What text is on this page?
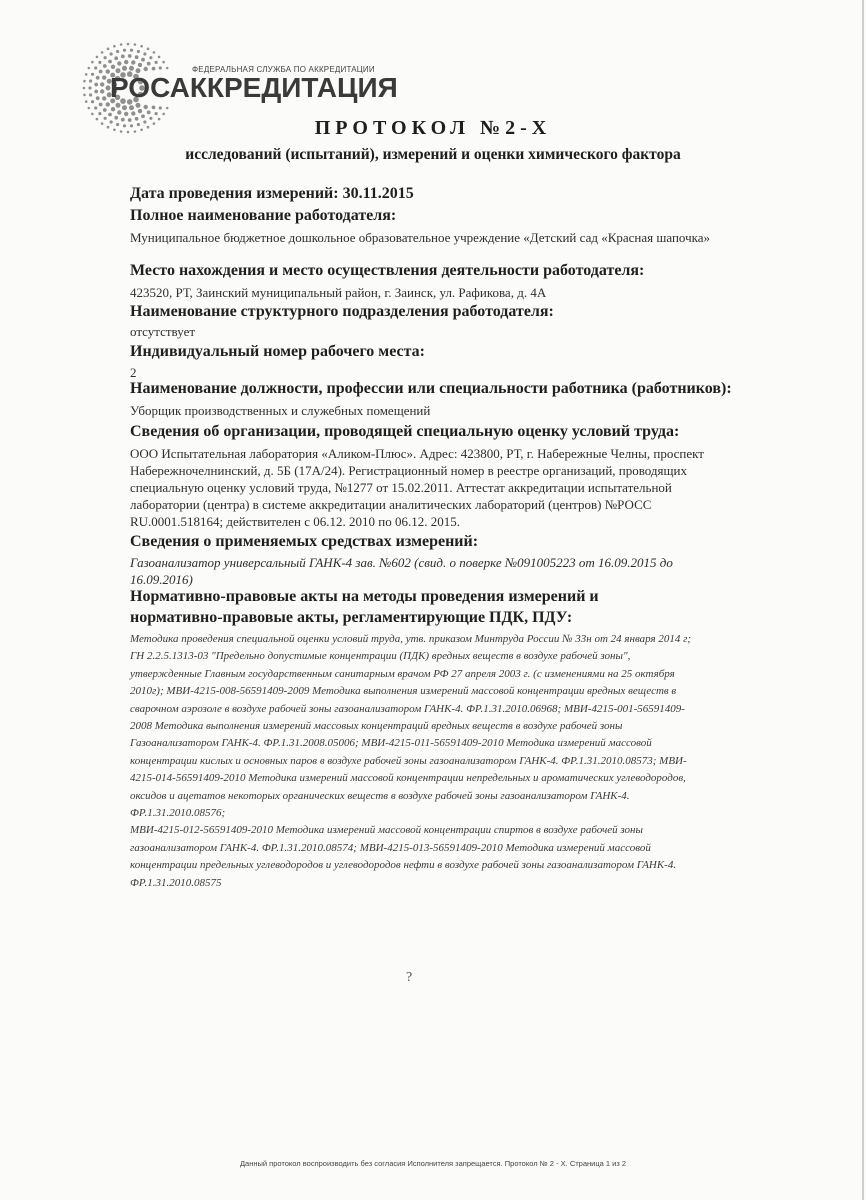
ФЕДЕРАЛЬНАЯ СЛУЖБА ПО АККРЕДИТАЦИИ
РОСАККРЕДИТАЦИЯ
ПРОТОКОЛ №2-Х
исследований (испытаний), измерений и оценки химического фактора
Дата проведения измерений: 30.11.2015
Полное наименование работодателя:
Муниципальное бюджетное дошкольное образовательное учреждение «Детский сад «Красная шапочка»
Место нахождения и место осуществления деятельности работодателя:
423520, РТ, Заинский муниципальный район, г. Заинск, ул. Рафикова, д. 4А
Наименование структурного подразделения работодателя:
отсутствует
Индивидуальный номер рабочего места:
2
Наименование должности, профессии или специальности работника (работников):
Уборщик производственных и служебных помещений
Сведения об организации, проводящей специальную оценку условий труда:
ООО Испытательная лаборатория «Аликом-Плюс». Адрес: 423800, РТ, г. Набережные Челны, проспект
Набережночелнинский, д. 5Б (17А/24). Регистрационный номер в реестре организаций, проводящих
специальную оценку условий труда, №1277 от 15.02.2011. Аттестат аккредитации испытательной
лаборатории (центра) в системе аккредитации аналитических лабораторий (центров) №РОСС
RU.0001.518164; действителен с 06.12. 2010 по 06.12. 2015.
Сведения о применяемых средствах измерений:
Газоанализатор универсальный ГАНК-4 зав. №602 (свид. о поверке №091005223 от 16.09.2015 до
16.09.2016)
Нормативно-правовые акты на методы проведения измерений и
нормативно-правовые акты, регламентирующие ПДК, ПДУ:
Методика проведения специальной оценки условий труда, утв. приказом Минтруда России № 33н от 24 января 2014 г;
ГН 2.2.5.1313-03 "Предельно допустимые концентрации (ПДК) вредных веществ в воздухе рабочей зоны",
утвержденные Главным государственным санитарным врачом РФ 27 апреля 2003 г. (с изменениями на 25 октября
2010г); МВИ-4215-008-56591409-2009 Методика выполнения измерений массовой концентрации вредных веществ в
сварочном аэрозоле в воздухе рабочей зоны газоанализатором ГАНК-4. ФР.1.31.2010.06968; МВИ-4215-001-56591409-
2008 Методика выполнения измерений массовых концентраций вредных веществ в воздухе рабочей зоны
Газоанализатором ГАНК-4. ФР.1.31.2008.05006; МВИ-4215-011-56591409-2010 Методика измерений массовой
концентрации кислых и основных паров в воздухе рабочей зоны газоанализатором ГАНК-4. ФР.1.31.2010.08573; МВИ-
4215-014-56591409-2010 Методика измерений массовой концентрации непредельных и ароматических углеводородов,
оксидов и ацетатов некоторых органических веществ в воздухе рабочей зоны газоанализатором ГАНК-4.
ФР.1.31.2010.08576;
МВИ-4215-012-56591409-2010 Методика измерений массовой концентрации спиртов в воздухе рабочей зоны
газоанализатором ГАНК-4. ФР.1.31.2010.08574; МВИ-4215-013-56591409-2010 Методика измерений массовой
концентрации предельных углеводородов и углеводородов нефти в воздухе рабочей зоны газоанализатором ГАНК-4.
ФР.1.31.2010.08575
?
Данный протокол воспроизводить без согласия Исполнителя запрещается. Протокол № 2 - Х. Страница 1 из 2
